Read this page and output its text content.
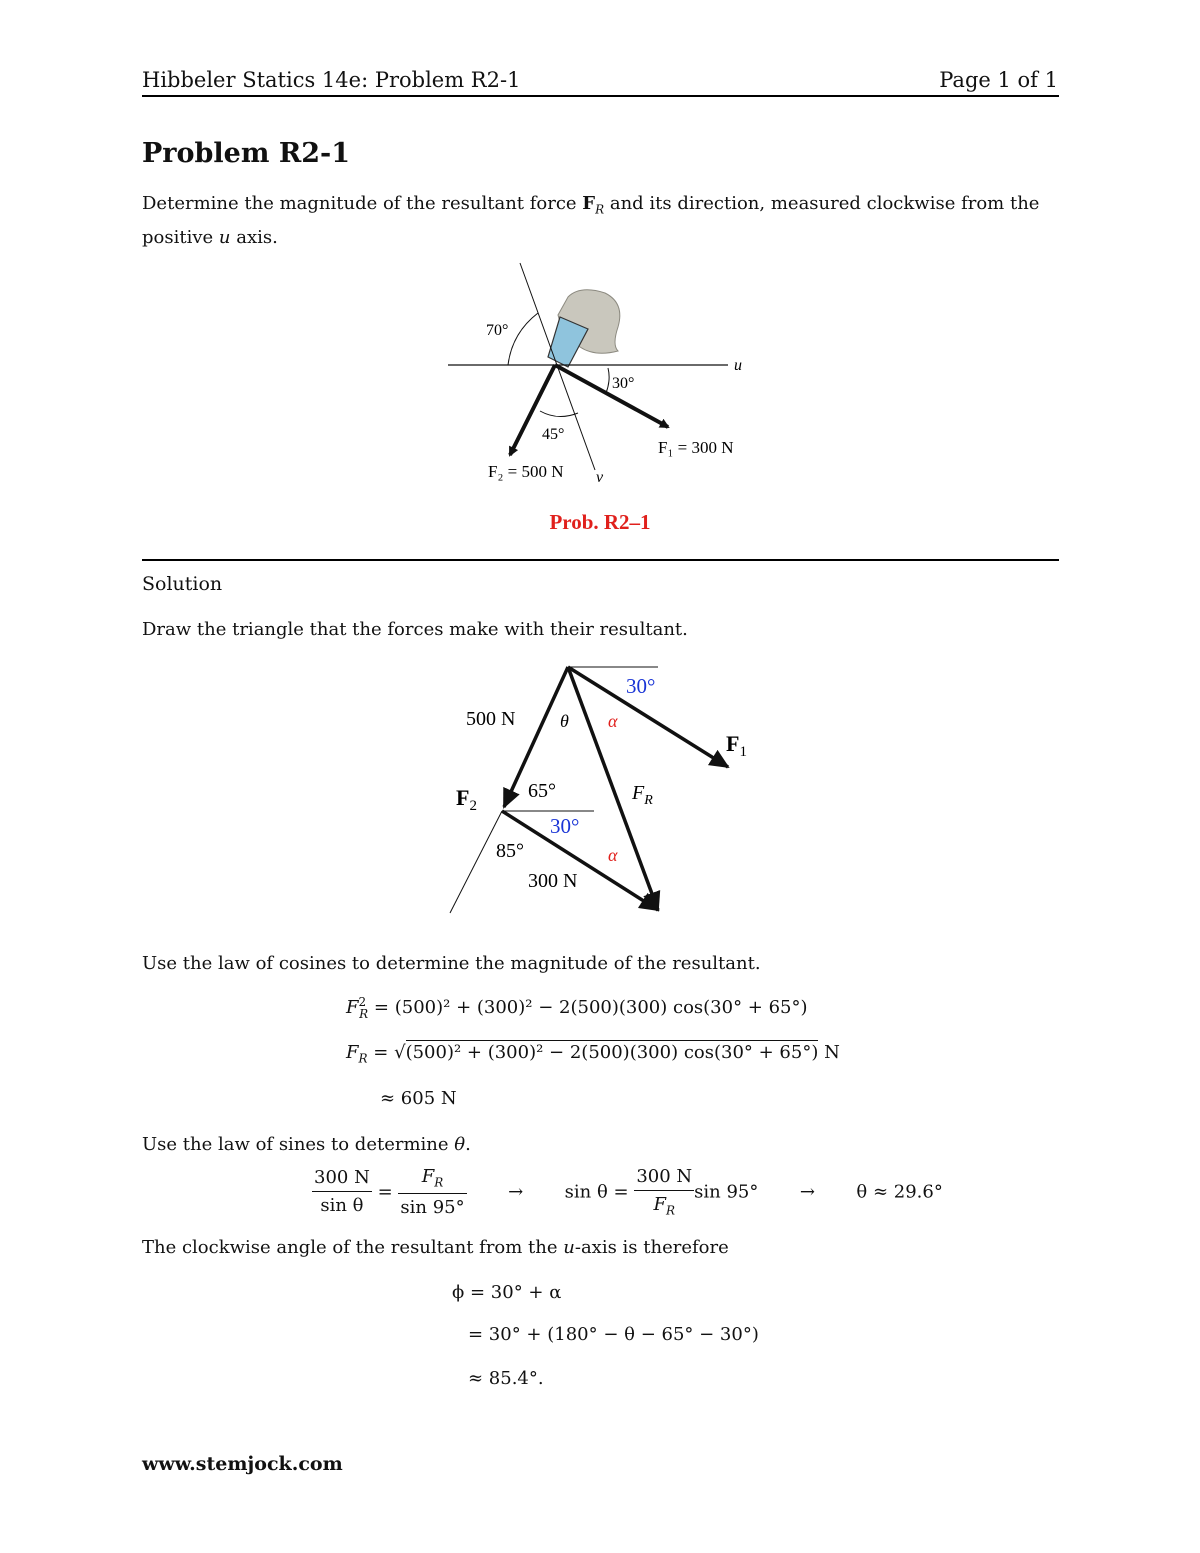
Hibbeler Statics 14e: Problem R2-1	Page 1 of 1
Problem R2-1
Determine the magnitude of the resultant force $F_R$ and its direction, measured clockwise from the
positive u axis.
u
v
70°
30°
F₁ = 300 N
45°
F₂ = 500 N
Prob. R2–1
Solution
Draw the triangle that the forces make with their resultant.
500 N
300 N
30°
30°
65°
85°
θ α
α
$F_1$
$F_2$
$F_R$
Use the law of cosines to determine the magnitude of the resultant.
$F^2_R = (500)^2 + (300)^2 - 2(500)(300) \cos(30^\circ + 65^\circ)$
$F_R = √(500)^2 + (300)^2 - 2(500)(300) \cos(30^\circ + 65^\circ)$ N
≈ 605 N
Use the law of sines to determine θ.
$\frac{300 N}{\text{sin θ}} = \frac{F_R}{\sin 95^\circ} \to \sin \theta = \frac{300 N}{F_R}$ sin 95° → θ ≈ 29.6°
The clockwise angle of the resultant from the u-axis is therefore
ϕ = 30° + α
= 30° + (180° − θ − 65° − 30°)
≈ 85.4°.
www.stemjock.com
